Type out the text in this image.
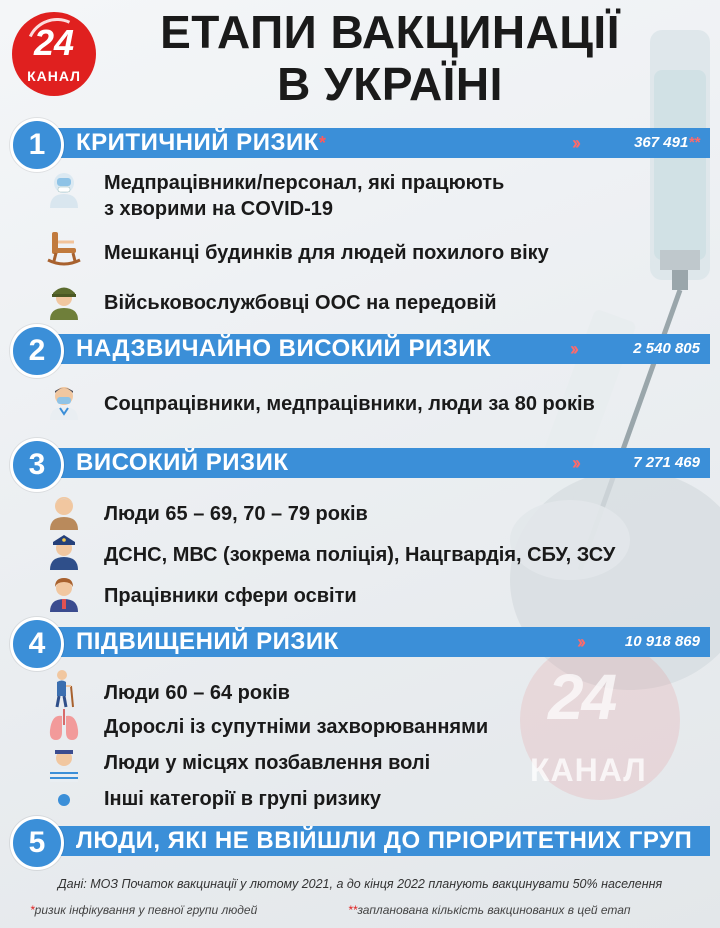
24
КАНАЛ
24
КАНАЛ
ЕТАПИ ВАКЦИНАЦІЇ
В УКРАЇНІ
КРИТИЧНИЙ РИЗИК*	››	367 491**
1
Медпрацівники/персонал, які працюють
з хворими на COVID-19
Мешканці будинків для людей похилого віку
Військовослужбовці ООС на передовій
НАДЗВИЧАЙНО ВИСОКИЙ РИЗИК	››	2 540 805
2
Соцпрацівники, медпрацівники, люди за 80 років
ВИСОКИЙ РИЗИК	››	7 271 469
3
Люди 65 – 69, 70 – 79 років
ДСНС, МВС (зокрема поліція), Нацгвардія, СБУ, ЗСУ
Працівники сфери освіти
ПІДВИЩЕНИЙ РИЗИК	››	10 918 869
4
Люди 60 – 64 років
Дорослі із супутніми захворюваннями
Люди у місцях позбавлення волі
Інші категорії в групі ризику
ЛЮДИ, ЯКІ НЕ ВВІЙШЛИ ДО ПРІОРИТЕТНИХ ГРУП
5
Дані: МОЗ Початок вакцинації у лютому 2021, а до кінця 2022 планують вакцинувати 50% населення
*ризик інфікування у певної групи людей	**запланована кількість вакцинованих в цей етап
